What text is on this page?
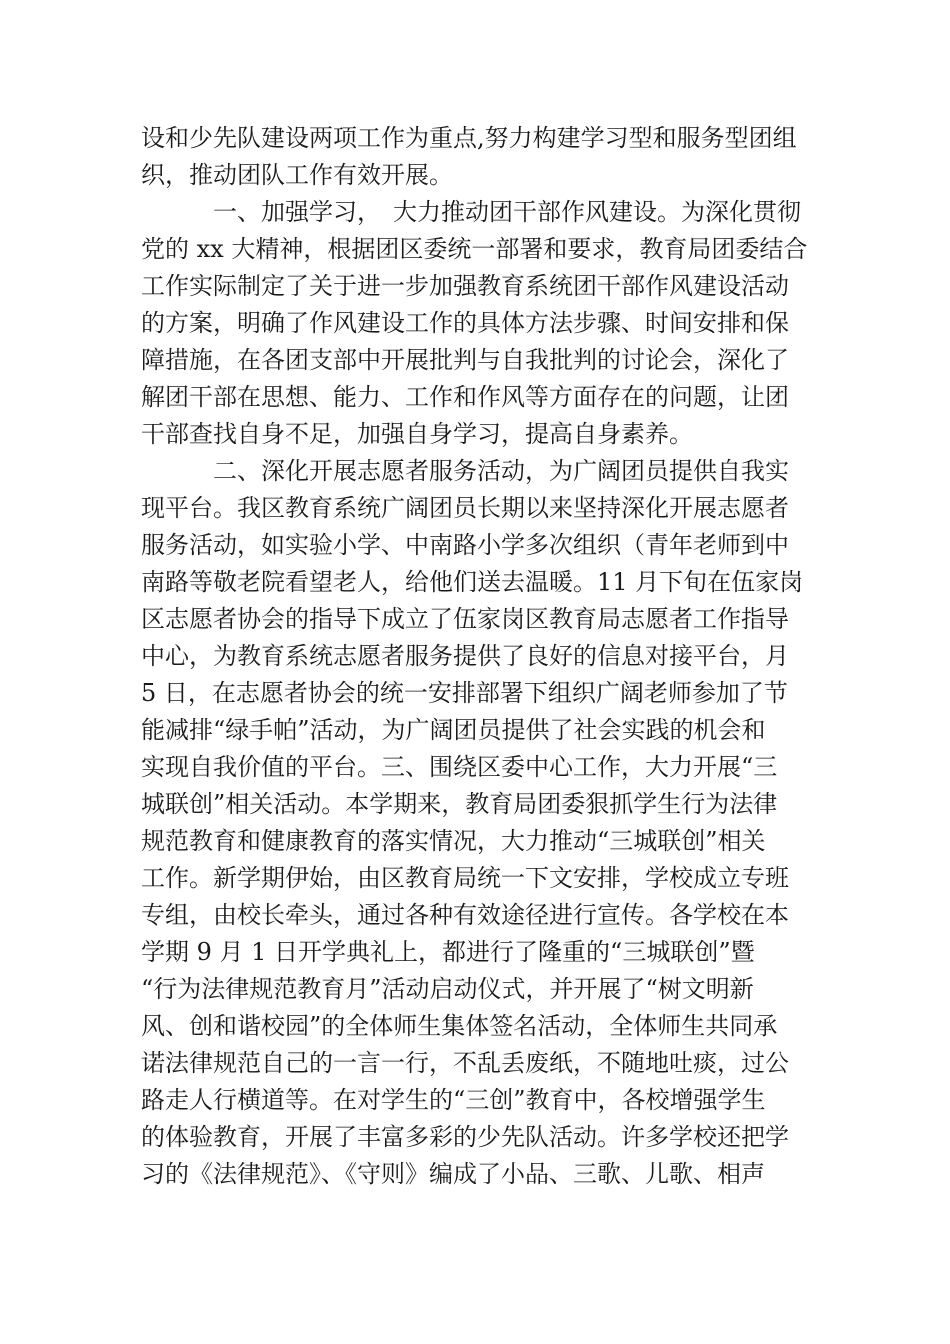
设和少先队建设两项工作为重点,努力构建学习型和服务型团组
织，推动团队工作有效开展。
一、加强学习，　大力推动团干部作风建设。为深化贯彻
党的 xx 大精神，根据团区委统一部署和要求，教育局团委结合
工作实际制定了关于进一步加强教育系统团干部作风建设活动
的方案，明确了作风建设工作的具体方法步骤、时间安排和保
障措施，在各团支部中开展批判与自我批判的讨论会，深化了
解团干部在思想、能力、工作和作风等方面存在的问题，让团
干部查找自身不足，加强自身学习，提高自身素养。
二、深化开展志愿者服务活动，为广阔团员提供自我实
现平台。我区教育系统广阔团员长期以来坚持深化开展志愿者
服务活动，如实验小学、中南路小学多次组织（青年老师到中
南路等敬老院看望老人，给他们送去温暖。11 月下旬在伍家岗
区志愿者协会的指导下成立了伍家岗区教育局志愿者工作指导
中心，为教育系统志愿者服务提供了良好的信息对接平台，月
5 日，在志愿者协会的统一安排部署下组织广阔老师参加了节
能减排“绿手帕”活动，为广阔团员提供了社会实践的机会和
实现自我价值的平台。三、围绕区委中心工作，大力开展“三
城联创”相关活动。本学期来，教育局团委狠抓学生行为法律
规范教育和健康教育的落实情况，大力推动“三城联创”相关
工作。新学期伊始，由区教育局统一下文安排，学校成立专班
专组，由校长牵头，通过各种有效途径进行宣传。各学校在本
学期 9 月 1 日开学典礼上，都进行了隆重的“三城联创”暨
“行为法律规范教育月”活动启动仪式，并开展了“树文明新
风、创和谐校园”的全体师生集体签名活动，全体师生共同承
诺法律规范自己的一言一行，不乱丢废纸，不随地吐痰，过公
路走人行横道等。在对学生的“三创”教育中，各校增强学生
的体验教育，开展了丰富多彩的少先队活动。许多学校还把学
习的《法律规范》、《守则》编成了小品、三歌、儿歌、相声
